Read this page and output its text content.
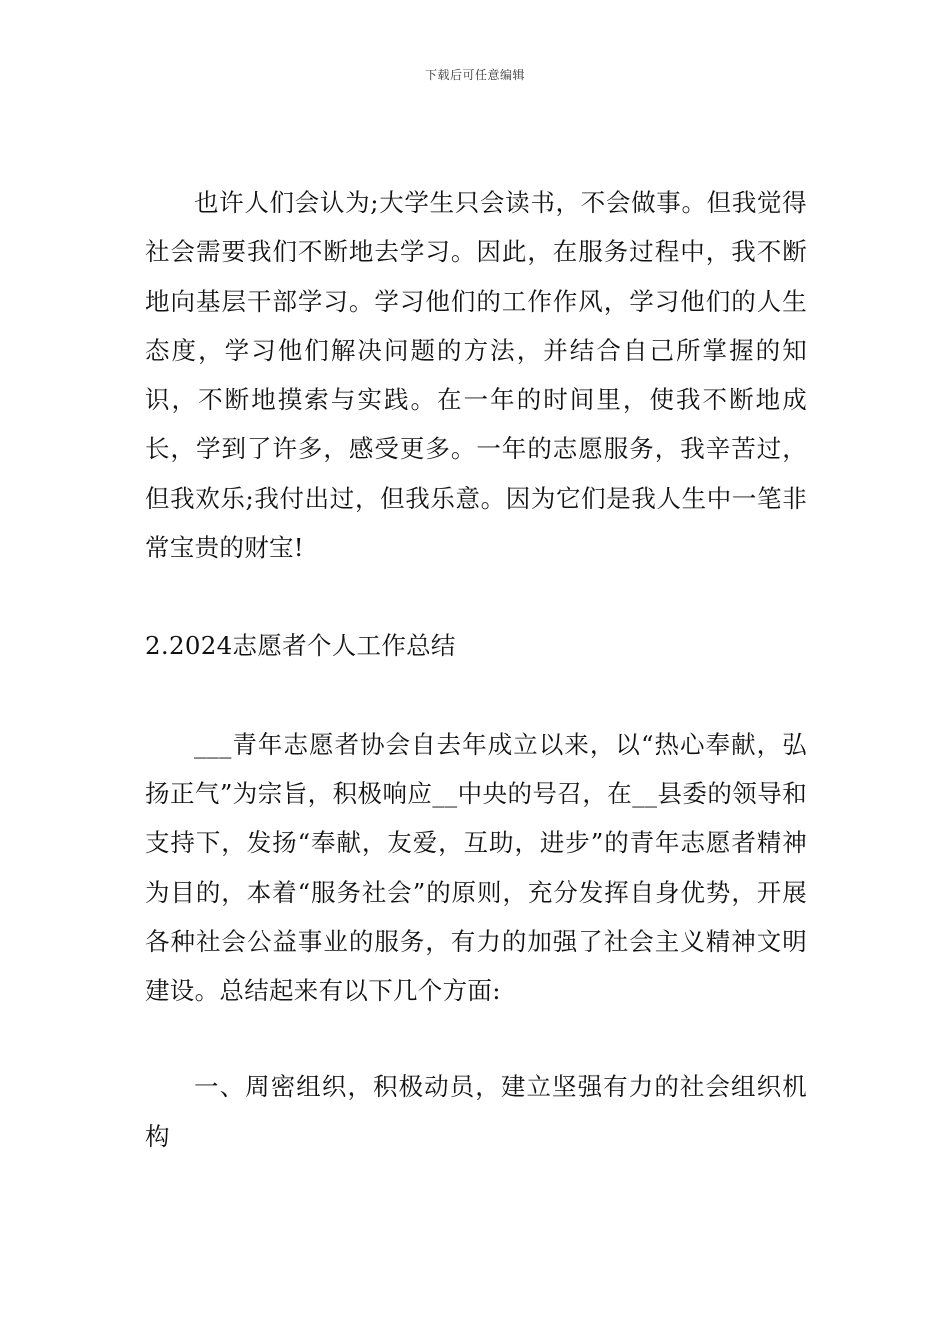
下载后可任意编辑

也许人们会认为;大学生只会读书，不会做事。但我觉得社会需要我们不断地去学习。因此，在服务过程中，我不断地向基层干部学习。学习他们的工作作风，学习他们的人生态度，学习他们解决问题的方法，并结合自己所掌握的知识，不断地摸索与实践。在一年的时间里，使我不断地成长，学到了许多，感受更多。一年的志愿服务，我辛苦过，但我欢乐;我付出过，但我乐意。因为它们是我人生中一笔非常宝贵的财宝!

2.2024志愿者个人工作总结

___青年志愿者协会自去年成立以来，以“热心奉献，弘扬正气”为宗旨，积极响应__中央的号召，在__县委的领导和支持下，发扬“奉献，友爱，互助，进步”的青年志愿者精神为目的，本着“服务社会”的原则，充分发挥自身优势，开展各种社会公益事业的服务，有力的加强了社会主义精神文明建设。总结起来有以下几个方面:

一、周密组织，积极动员，建立坚强有力的社会组织机构
